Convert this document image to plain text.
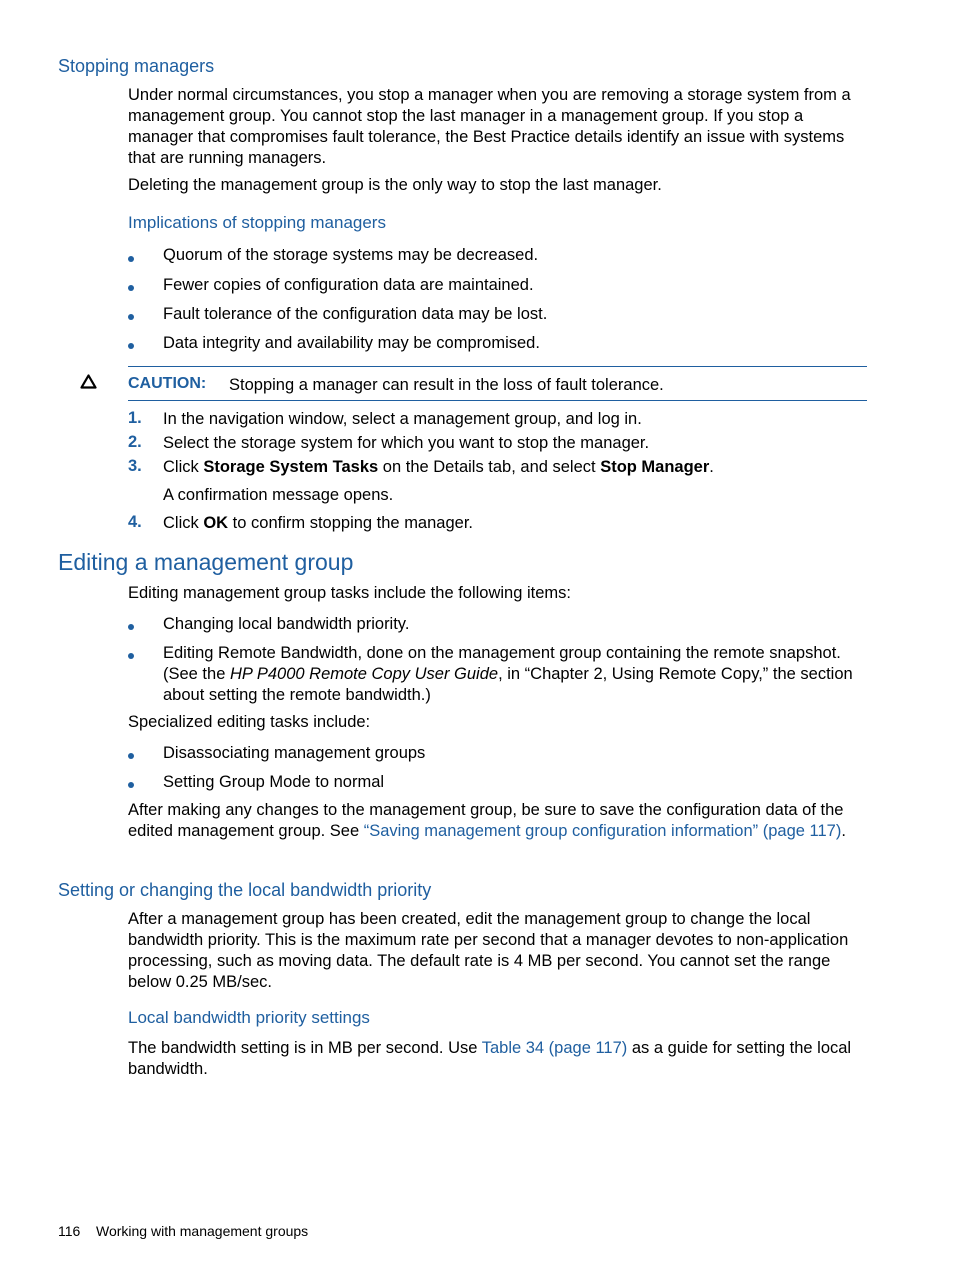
Stopping managers
Under normal circumstances, you stop a manager when you are removing a storage system from a management group. You cannot stop the last manager in a management group. If you stop a manager that compromises fault tolerance, the Best Practice details identify an issue with systems that are running managers.
Deleting the management group is the only way to stop the last manager.
Implications of stopping managers
Quorum of the storage systems may be decreased.
Fewer copies of configuration data are maintained.
Fault tolerance of the configuration data may be lost.
Data integrity and availability may be compromised.
CAUTION: Stopping a manager can result in the loss of fault tolerance.
1. In the navigation window, select a management group, and log in.
2. Select the storage system for which you want to stop the manager.
3. Click Storage System Tasks on the Details tab, and select Stop Manager.
A confirmation message opens.
4. Click OK to confirm stopping the manager.
Editing a management group
Editing management group tasks include the following items:
Changing local bandwidth priority.
Editing Remote Bandwidth, done on the management group containing the remote snapshot. (See the HP P4000 Remote Copy User Guide, in “Chapter 2, Using Remote Copy,” the section about setting the remote bandwidth.)
Specialized editing tasks include:
Disassociating management groups
Setting Group Mode to normal
After making any changes to the management group, be sure to save the configuration data of the edited management group. See “Saving management group configuration information” (page 117).
Setting or changing the local bandwidth priority
After a management group has been created, edit the management group to change the local bandwidth priority. This is the maximum rate per second that a manager devotes to non-application processing, such as moving data. The default rate is 4 MB per second. You cannot set the range below 0.25 MB/sec.
Local bandwidth priority settings
The bandwidth setting is in MB per second. Use Table 34 (page 117) as a guide for setting the local bandwidth.
116 Working with management groups
